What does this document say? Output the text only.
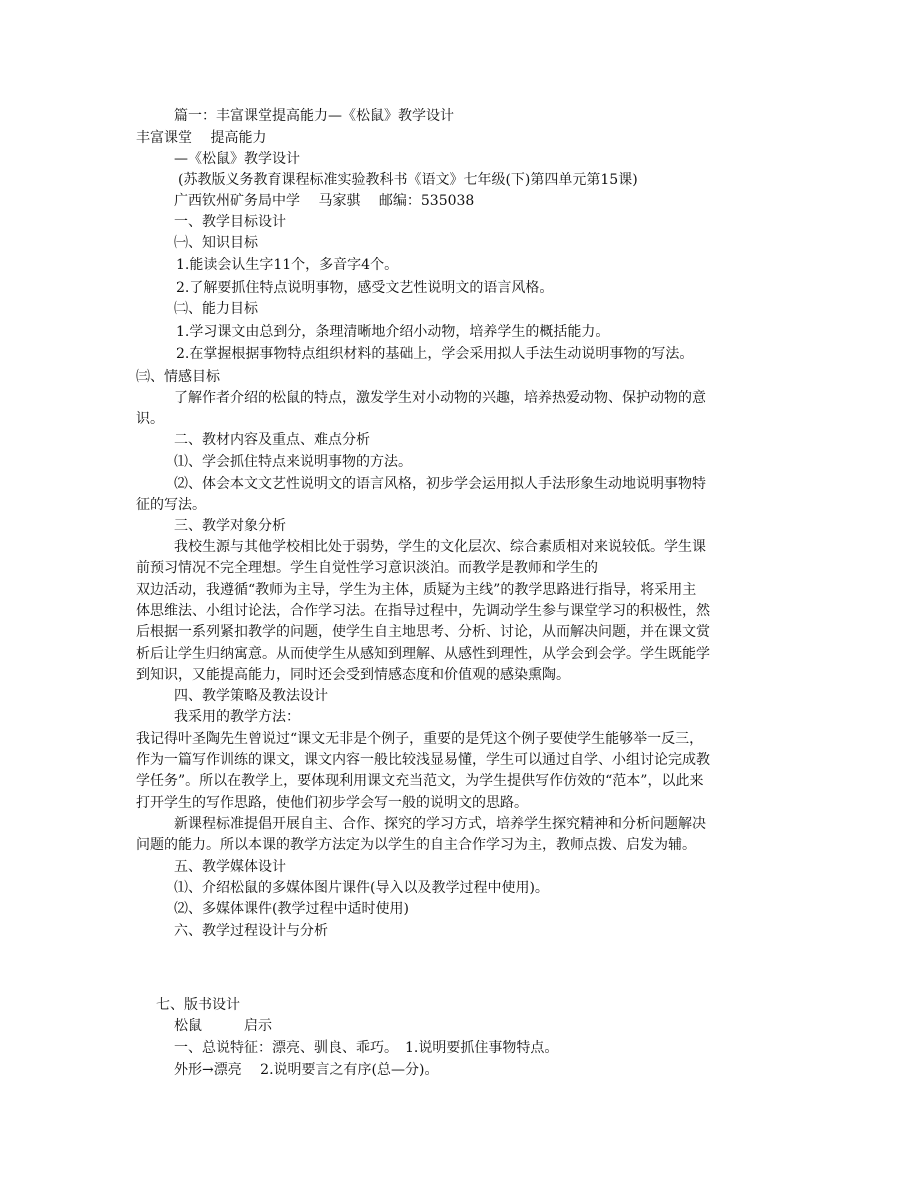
篇一：丰富课堂提高能力—《松鼠》教学设计
丰富课堂　 提高能力
—《松鼠》教学设计
(苏教版义务教育课程标准实验教科书《语文》七年级(下)第四单元第15课)
广西钦州矿务局中学　 马家骐　 邮编：535038
一、教学目标设计
㈠、知识目标
1.能读会认生字11个，多音字4个。
2.了解要抓住特点说明事物，感受文艺性说明文的语言风格。
㈡、能力目标
1.学习课文由总到分，条理清晰地介绍小动物，培养学生的概括能力。
2.在掌握根据事物特点组织材料的基础上，学会采用拟人手法生动说明事物的写法。
㈢、情感目标
了解作者介绍的松鼠的特点，激发学生对小动物的兴趣，培养热爱动物、保护动物的意
识。
二、教材内容及重点、难点分析
⑴、学会抓住特点来说明事物的方法。
⑵、体会本文文艺性说明文的语言风格，初步学会运用拟人手法形象生动地说明事物特
征的写法。
三、教学对象分析
我校生源与其他学校相比处于弱势，学生的文化层次、综合素质相对来说较低。学生课
前预习情况不完全理想。学生自觉性学习意识淡泊。而教学是教师和学生的
双边活动，我遵循“教师为主导，学生为主体，质疑为主线”的教学思路进行指导，将采用主
体思维法、小组讨论法，合作学习法。在指导过程中，先调动学生参与课堂学习的积极性，然
后根据一系列紧扣教学的问题，使学生自主地思考、分析、讨论，从而解决问题，并在课文赏
析后让学生归纳寓意。从而使学生从感知到理解、从感性到理性，从学会到会学。学生既能学
到知识，又能提高能力，同时还会受到情感态度和价值观的感染熏陶。
四、教学策略及教法设计
我采用的教学方法：
我记得叶圣陶先生曾说过“课文无非是个例子，重要的是凭这个例子要使学生能够举一反三，
作为一篇写作训练的课文，课文内容一般比较浅显易懂，学生可以通过自学、小组讨论完成教
学任务”。所以在教学上，要体现利用课文充当范文，为学生提供写作仿效的“范本”，以此来
打开学生的写作思路，使他们初步学会写一般的说明文的思路。
新课程标准提倡开展自主、合作、探究的学习方式，培养学生探究精神和分析问题解决
问题的能力。所以本课的教学方法定为以学生的自主合作学习为主，教师点拨、启发为辅。
五、教学媒体设计
⑴、介绍松鼠的多媒体图片课件(导入以及教学过程中使用)。
⑵、多媒体课件(教学过程中适时使用)
六、教学过程设计与分析
七、版书设计
松鼠　　　启示
一、总说特征：漂亮、驯良、乖巧。　1.说明要抓住事物特点。
外形→漂亮　 2.说明要言之有序(总—分)。
